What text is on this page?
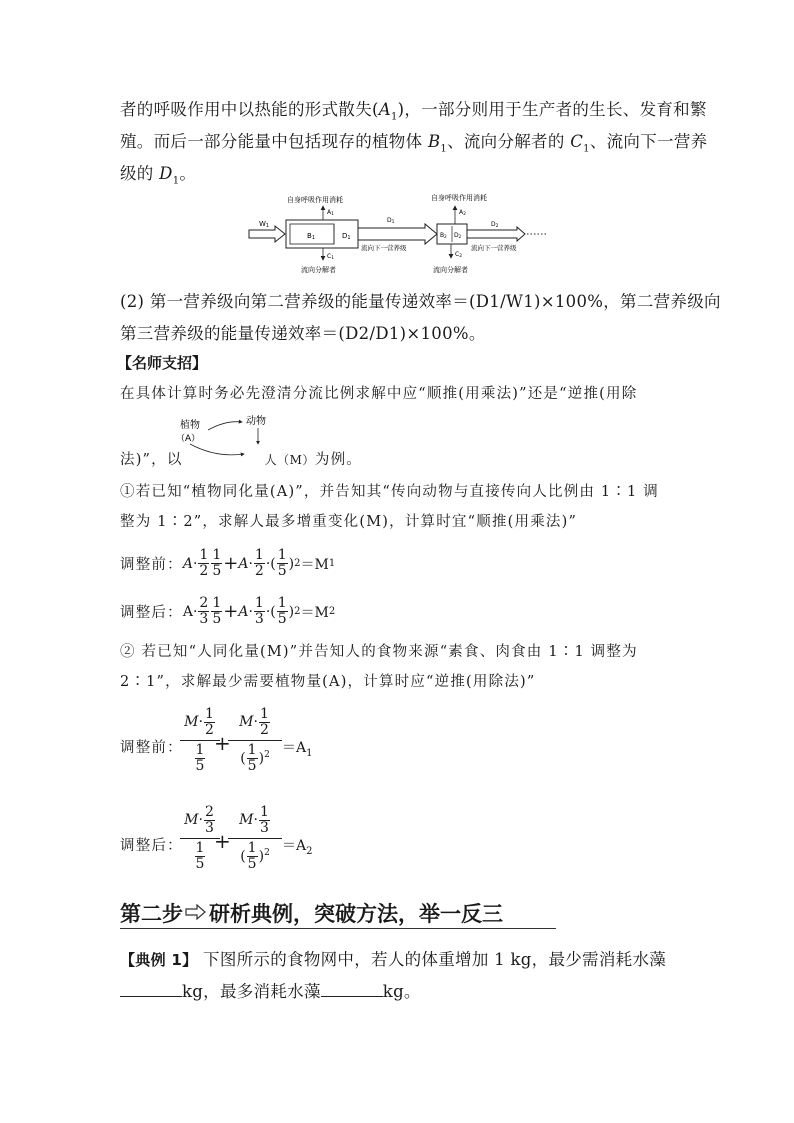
者的呼吸作用中以热能的形式散失$(A_1)$，一部分则用于生产者的生长、发育和繁
殖。而后一部分能量中包括现存的植物体 $B_1$、流向分解者的 $C_1$、流向下一营养
级的 $D_1$。
W1
B1	D1
自身呼吸作用消耗
A1
C1
流向分解者
D1
流向下一营养级
B2 D2
自身呼吸作用消耗
A2
C2
流向分解者
D2
流向下一营养级
(2) 第一营养级向第二营养级的能量传递效率＝(D1/W1)×100%，第二营养级向
第三营养级的能量传递效率＝(D2/D1)×100%。
【名师支招】
在具体计算时务必先澄清分流比例求解中应“顺推(用乘法)”还是“逆推(用除
植物
（A）
动物
法)”，以	人（M）为例。
①若已知“植物同化量(A)”，并告知其“传向动物与直接传向人比例由 1∶1 调
整为 1∶2”，求解人最多增重变化(M)，计算时宜“顺推(用乘法)”
调整前： $A \cdot \frac{1}{2} \frac{1}{5} + A \cdot \frac{1}{2}$ ·( $\frac{1}{5}$ ) 2 ＝M 1
调整后： $A \cdot \frac{2}{3} \frac{1}{5} + A \cdot \frac{1}{3}$ ·( $\frac{1}{5}$ ) 2 ＝M 2
② 若已知“人同化量(M)”并告知人的食物来源“素食、肉食由 1∶1 调整为
2∶1”，求解最少需要植物量(A)，计算时应“逆推(用除法)”
调整前：
$M \cdot \frac{1}{2}$
$\frac{1}{5}$ +
$M \cdot \frac{1}{2}$
( $\frac{1}{5} )^2 =A_1$
调整后：
$M \cdot \frac{2}{3}$
$\frac{1}{5}$ +
$M \cdot \frac{1}{3}$
( $\frac{1}{5} )^2 =A_2$
第二步 研析典例，突破方法，举一反三
【典例 1】 下图所示的食物网中，若人的体重增加 1 kg，最少需消耗水藻
kg，最多消耗水藻	kg。
